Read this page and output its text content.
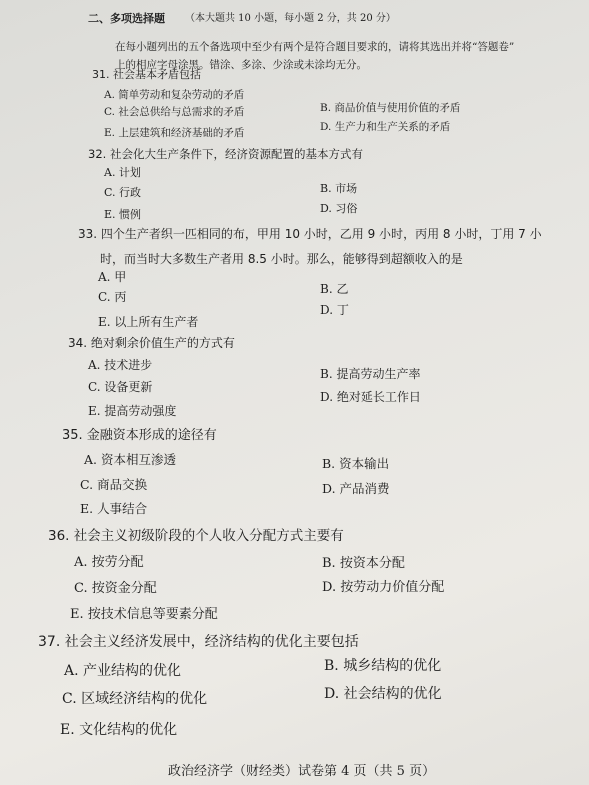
二、多项选择题 （本大题共 10 小题，每小题 2 分，共 20 分）
在每小题列出的五个备选项中至少有两个是符合题目要求的，请将其选出并将“答题卷”
上的相应字母涂黑。错涂、多涂、少涂或未涂均无分。
31. 社会基本矛盾包括
A. 简单劳动和复杂劳动的矛盾
B. 商品价值与使用价值的矛盾
C. 社会总供给与总需求的矛盾
D. 生产力和生产关系的矛盾
E. 上层建筑和经济基础的矛盾
32. 社会化大生产条件下，经济资源配置的基本方式有
A. 计划
B. 市场
C. 行政
D. 习俗
E. 惯例
33. 四个生产者织一匹相同的布，甲用 10 小时，乙用 9 小时，丙用 8 小时，丁用 7 小
时，而当时大多数生产者用 8.5 小时。那么，能够得到超额收入的是
A. 甲
B. 乙
C. 丙
D. 丁
E. 以上所有生产者
34. 绝对剩余价值生产的方式有
A. 技术进步
B. 提高劳动生产率
C. 设备更新
D. 绝对延长工作日
E. 提高劳动强度
35. 金融资本形成的途径有
A. 资本相互渗透	B. 资本输出
C. 商品交换	D. 产品消费
E. 人事结合
36. 社会主义初级阶段的个人收入分配方式主要有
A. 按劳分配	B. 按资本分配
C. 按资金分配	D. 按劳动力价值分配
E. 按技术信息等要素分配
37. 社会主义经济发展中，经济结构的优化主要包括
A. 产业结构的优化	B. 城乡结构的优化
C. 区域经济结构的优化	D. 社会结构的优化
E. 文化结构的优化
政治经济学（财经类）试卷第 4 页（共 5 页）
